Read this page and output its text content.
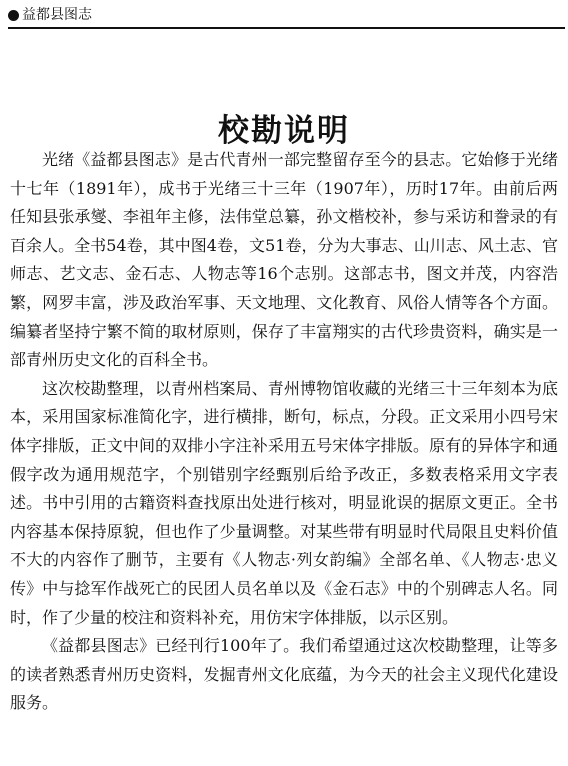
益都县图志
校勘说明

光绪《益都县图志》是古代青州一部完整留存至今的县志。它始修于光绪十七年（1891年），成书于光绪三十三年（1907年），历时17年。由前后两任知县张承燮、李祖年主修，法伟堂总纂，孙文楷校补，参与采访和誊录的有百余人。全书54卷，其中图4卷，文51卷，分为大事志、山川志、风土志、官师志、艺文志、金石志、人物志等16个志别。这部志书，图文并茂，内容浩繁，网罗丰富，涉及政治军事、天文地理、文化教育、风俗人情等各个方面。编纂者坚持宁繁不简的取材原则，保存了丰富翔实的古代珍贵资料，确实是一部青州历史文化的百科全书。

这次校勘整理，以青州档案局、青州博物馆收藏的光绪三十三年刻本为底本，采用国家标准简化字，进行横排，断句，标点，分段。正文采用小四号宋体字排版，正文中间的双排小字注补采用五号宋体字排版。原有的异体字和通假字改为通用规范字，个别错别字经甄别后给予改正，多数表格采用文字表述。书中引用的古籍资料查找原出处进行核对，明显讹误的据原文更正。全书内容基本保持原貌，但也作了少量调整。对某些带有明显时代局限且史料价值不大的内容作了删节，主要有《人物志·列女韵编》全部名单、《人物志·忠义传》中与捻军作战死亡的民团人员名单以及《金石志》中的个别碑志人名。同时，作了少量的校注和资料补充，用仿宋字体排版，以示区别。

《益都县图志》已经刊行100年了。我们希望通过这次校勘整理，让等多的读者熟悉青州历史资料，发掘青州文化底蕴，为今天的社会主义现代化建设服务。
